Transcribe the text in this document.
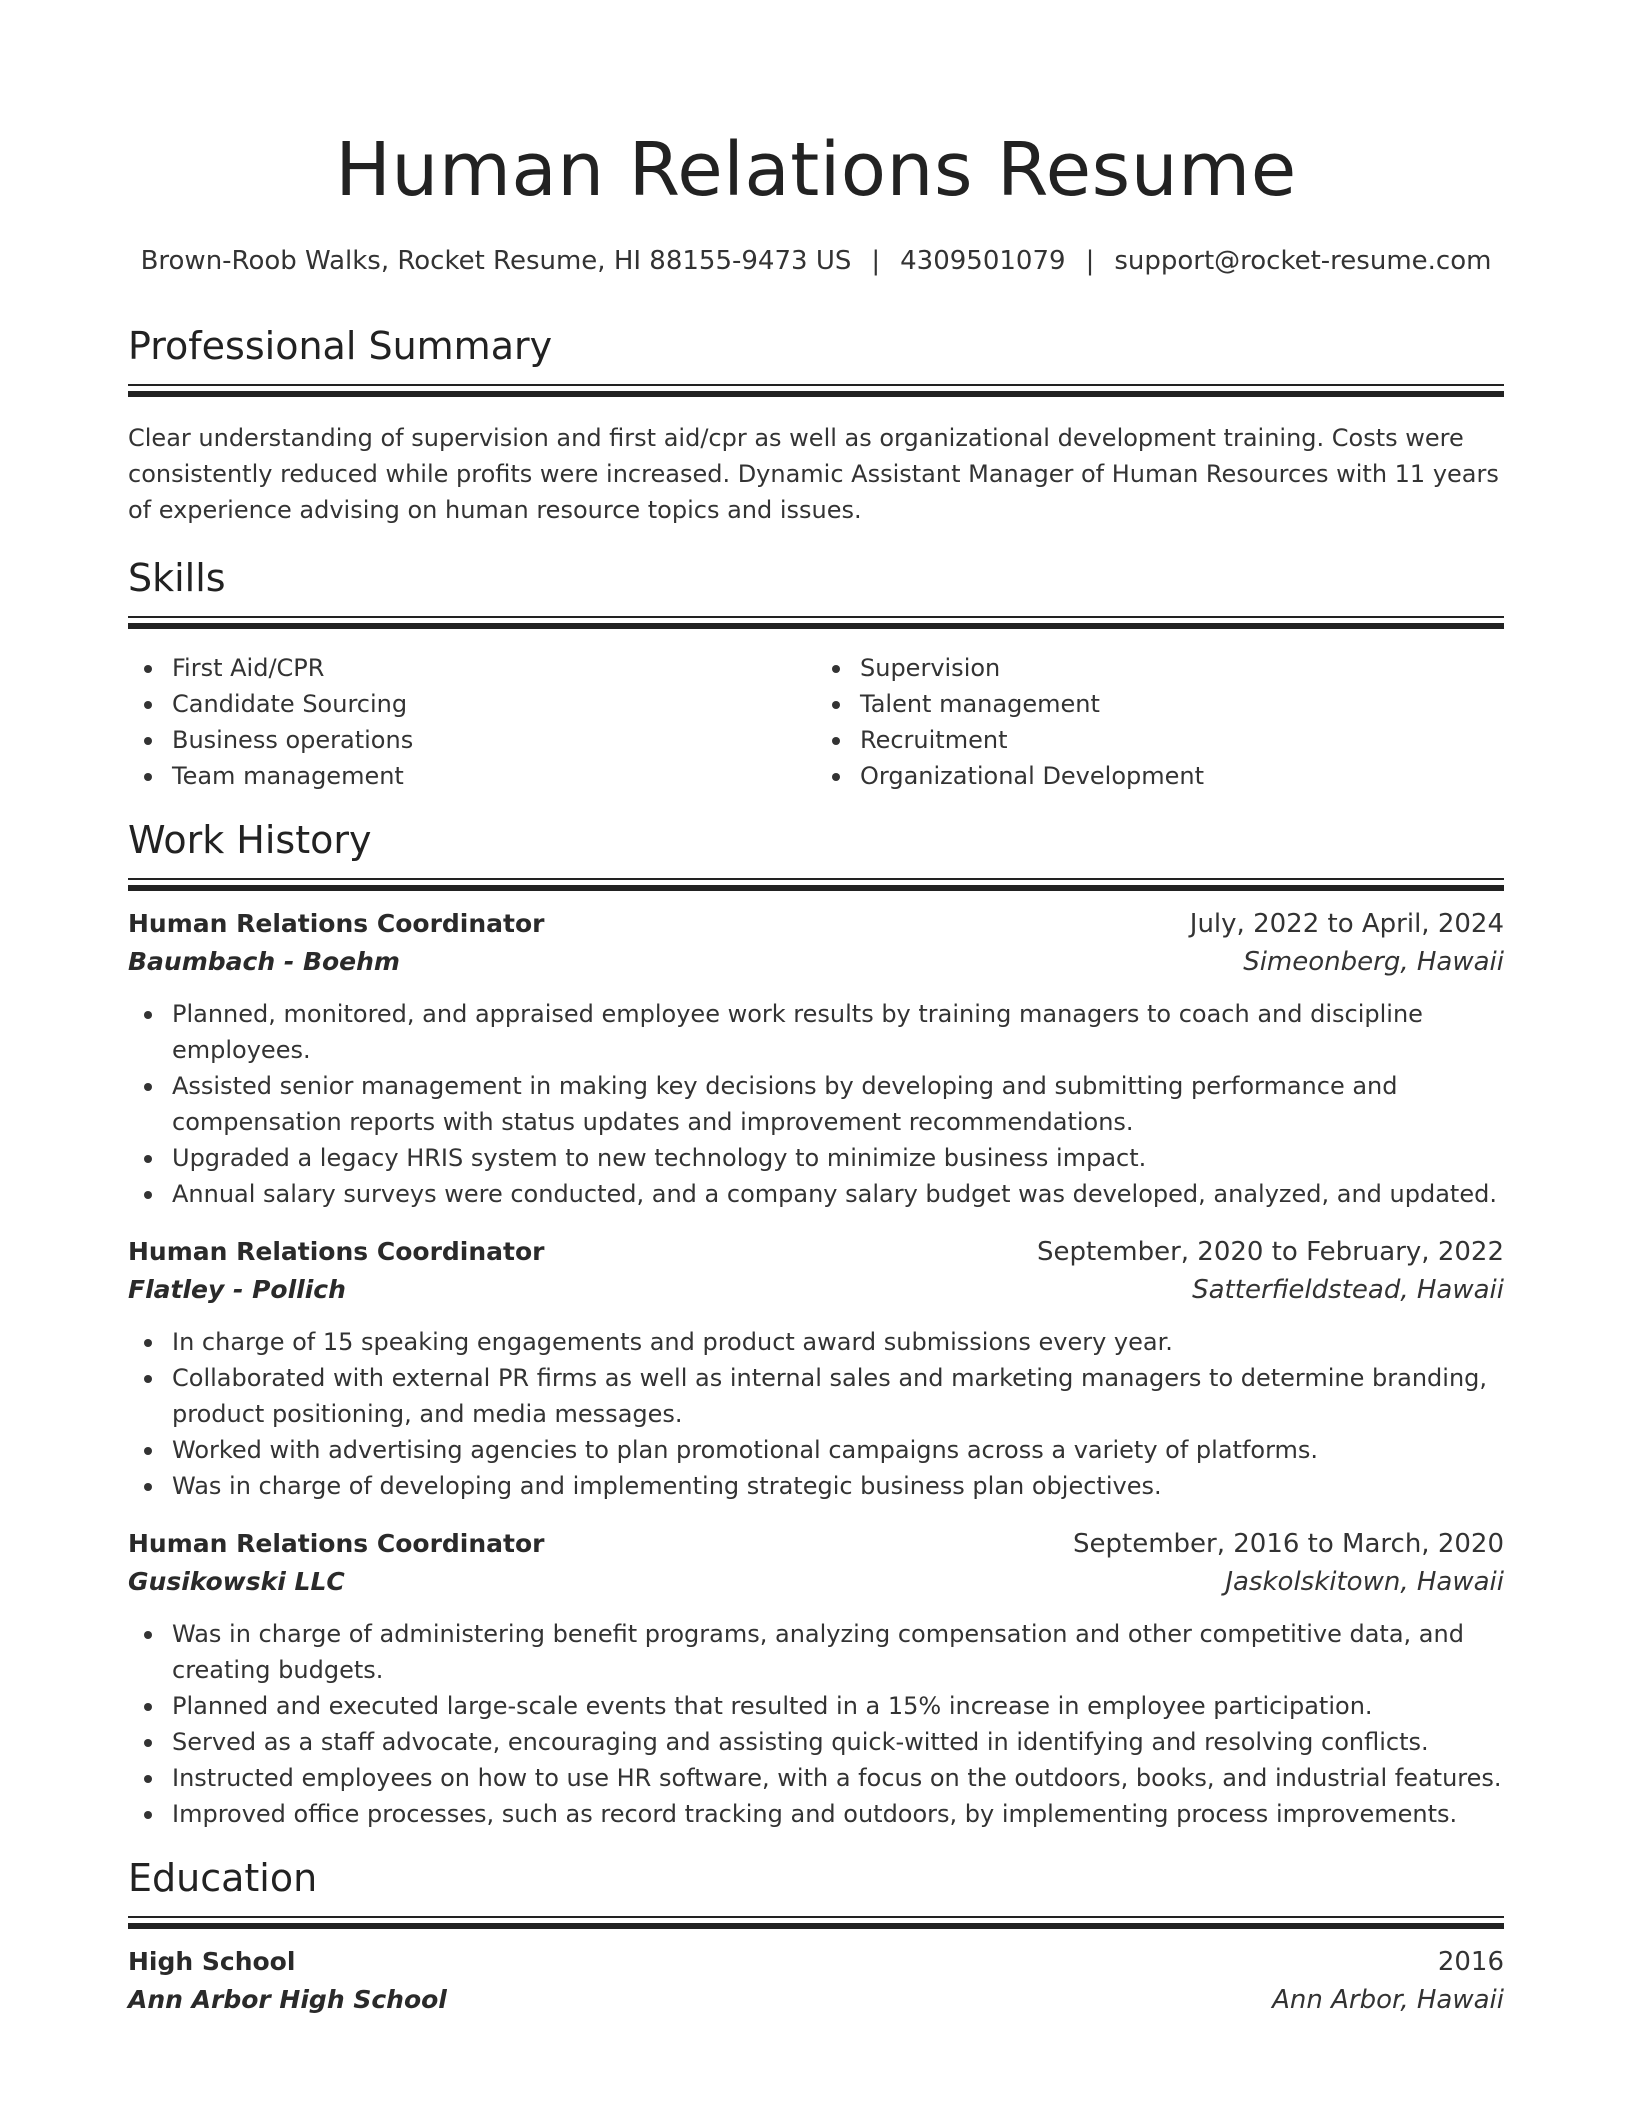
Human Relations Resume
Brown-Roob Walks, Rocket Resume, HI 88155-9473 US | 4309501079 | support@rocket-resume.com
Professional Summary
Clear understanding of supervision and first aid/cpr as well as organizational development training. Costs were consistently reduced while profits were increased. Dynamic Assistant Manager of Human Resources with 11 years of experience advising on human resource topics and issues.
Skills
First Aid/CPR
Candidate Sourcing
Business operations
Team management
Supervision
Talent management
Recruitment
Organizational Development
Work History
Human Relations Coordinator	July, 2022 to April, 2024
Baumbach - Boehm	Simeonberg, Hawaii
Planned, monitored, and appraised employee work results by training managers to coach and discipline employees.
Assisted senior management in making key decisions by developing and submitting performance and compensation reports with status updates and improvement recommendations.
Upgraded a legacy HRIS system to new technology to minimize business impact.
Annual salary surveys were conducted, and a company salary budget was developed, analyzed, and updated.
Human Relations Coordinator	September, 2020 to February, 2022
Flatley - Pollich	Satterfieldstead, Hawaii
In charge of 15 speaking engagements and product award submissions every year.
Collaborated with external PR firms as well as internal sales and marketing managers to determine branding, product positioning, and media messages.
Worked with advertising agencies to plan promotional campaigns across a variety of platforms.
Was in charge of developing and implementing strategic business plan objectives.
Human Relations Coordinator	September, 2016 to March, 2020
Gusikowski LLC	Jaskolskitown, Hawaii
Was in charge of administering benefit programs, analyzing compensation and other competitive data, and creating budgets.
Planned and executed large-scale events that resulted in a 15% increase in employee participation.
Served as a staff advocate, encouraging and assisting quick-witted in identifying and resolving conflicts.
Instructed employees on how to use HR software, with a focus on the outdoors, books, and industrial features.
Improved office processes, such as record tracking and outdoors, by implementing process improvements.
Education
High School	2016
Ann Arbor High School	Ann Arbor, Hawaii
